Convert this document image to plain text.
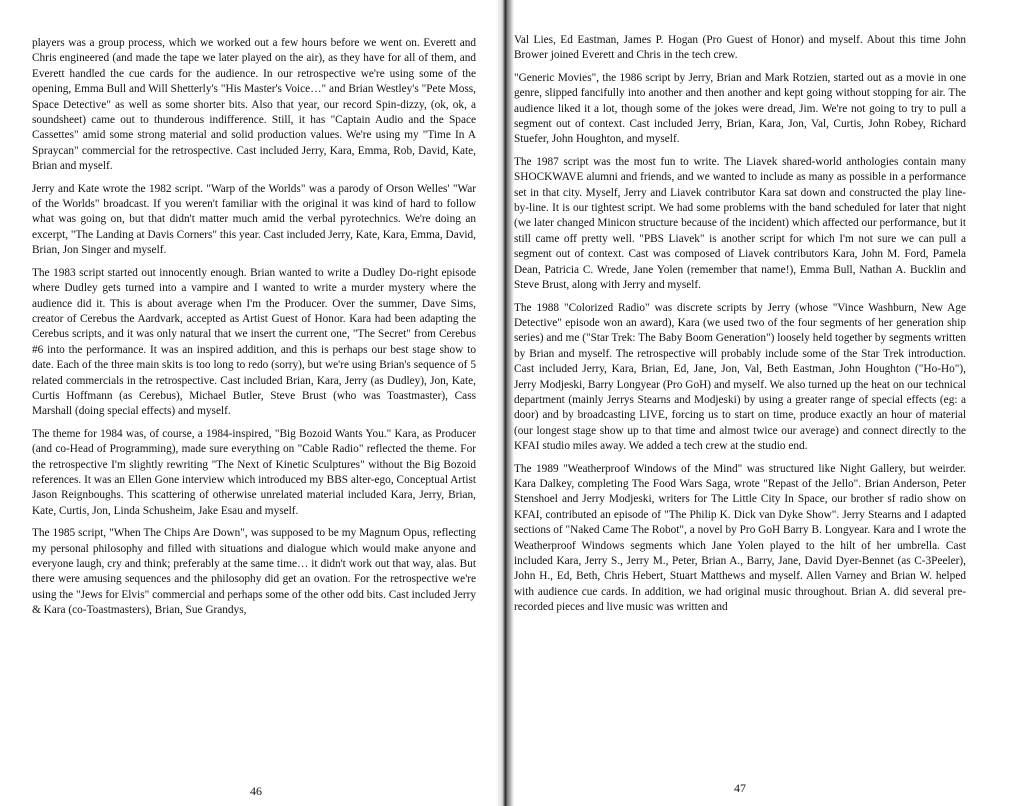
players was a group process, which we worked out a few hours before we went on. Everett and Chris engineered (and made the tape we later played on the air), as they have for all of them, and Everett handled the cue cards for the audience. In our retrospective we're using some of the opening, Emma Bull and Will Shetterly's "His Master's Voice…" and Brian Westley's "Pete Moss, Space Detective" as well as some shorter bits. Also that year, our record Spin-dizzy, (ok, ok, a soundsheet) came out to thunderous indifference. Still, it has "Captain Audio and the Space Cassettes" amid some strong material and solid production values. We're using my "Time In A Spraycan" commercial for the retrospective. Cast included Jerry, Kara, Emma, Rob, David, Kate, Brian and myself.

Jerry and Kate wrote the 1982 script. "Warp of the Worlds" was a parody of Orson Welles' "War of the Worlds" broadcast. If you weren't familiar with the original it was kind of hard to follow what was going on, but that didn't matter much amid the verbal pyrotechnics. We're doing an excerpt, "The Landing at Davis Corners" this year. Cast included Jerry, Kate, Kara, Emma, David, Brian, Jon Singer and myself.

The 1983 script started out innocently enough. Brian wanted to write a Dudley Do-right episode where Dudley gets turned into a vampire and I wanted to write a murder mystery where the audience did it. This is about average when I'm the Producer. Over the summer, Dave Sims, creator of Cerebus the Aardvark, accepted as Artist Guest of Honor. Kara had been adapting the Cerebus scripts, and it was only natural that we insert the current one, "The Secret" from Cerebus #6 into the performance. It was an inspired addition, and this is perhaps our best stage show to date. Each of the three main skits is too long to redo (sorry), but we're using Brian's sequence of 5 related commercials in the retrospective. Cast included Brian, Kara, Jerry (as Dudley), Jon, Kate, Curtis Hoffmann (as Cerebus), Michael Butler, Steve Brust (who was Toastmaster), Cass Marshall (doing special effects) and myself.

The theme for 1984 was, of course, a 1984-inspired, "Big Bozoid Wants You." Kara, as Producer (and co-Head of Programming), made sure everything on "Cable Radio" reflected the theme. For the retrospective I'm slightly rewriting "The Next of Kinetic Sculptures" without the Big Bozoid references. It was an Ellen Gone interview which introduced my BBS alter-ego, Conceptual Artist Jason Reignboughs. This scattering of otherwise unrelated material included Kara, Jerry, Brian, Kate, Curtis, Jon, Linda Schusheim, Jake Esau and myself.

The 1985 script, "When The Chips Are Down", was supposed to be my Magnum Opus, reflecting my personal philosophy and filled with situations and dialogue which would make anyone and everyone laugh, cry and think; preferably at the same time… it didn't work out that way, alas. But there were amusing sequences and the philosophy did get an ovation. For the retrospective we're using the "Jews for Elvis" commercial and perhaps some of the other odd bits. Cast included Jerry & Kara (co-Toastmasters), Brian, Sue Grandys,

46

Val Lies, Ed Eastman, James P. Hogan (Pro Guest of Honor) and myself. About this time John Brower joined Everett and Chris in the tech crew.

"Generic Movies", the 1986 script by Jerry, Brian and Mark Rotzien, started out as a movie in one genre, slipped fancifully into another and then another and kept going without stopping for air. The audience liked it a lot, though some of the jokes were dread, Jim. We're not going to try to pull a segment out of context. Cast included Jerry, Brian, Kara, Jon, Val, Curtis, John Robey, Richard Stuefer, John Houghton, and myself.

The 1987 script was the most fun to write. The Liavek shared-world anthologies contain many SHOCKWAVE alumni and friends, and we wanted to include as many as possible in a performance set in that city. Myself, Jerry and Liavek contributor Kara sat down and constructed the play line-by-line. It is our tightest script. We had some problems with the band scheduled for later that night (we later changed Minicon structure because of the incident) which affected our performance, but it still came off pretty well. "PBS Liavek" is another script for which I'm not sure we can pull a segment out of context. Cast was composed of Liavek contributors Kara, John M. Ford, Pamela Dean, Patricia C. Wrede, Jane Yolen (remember that name!), Emma Bull, Nathan A. Bucklin and Steve Brust, along with Jerry and myself.

The 1988 "Colorized Radio" was discrete scripts by Jerry (whose "Vince Washburn, New Age Detective" episode won an award), Kara (we used two of the four segments of her generation ship series) and me ("Star Trek: The Baby Boom Generation") loosely held together by segments written by Brian and myself. The retrospective will probably include some of the Star Trek introduction. Cast included Jerry, Kara, Brian, Ed, Jane, Jon, Val, Beth Eastman, John Houghton ("Ho-Ho"), Jerry Modjeski, Barry Longyear (Pro GoH) and myself. We also turned up the heat on our technical department (mainly Jerrys Stearns and Modjeski) by using a greater range of special effects (eg: a door) and by broadcasting LIVE, forcing us to start on time, produce exactly an hour of material (our longest stage show up to that time and almost twice our average) and connect directly to the KFAI studio miles away. We added a tech crew at the studio end.

The 1989 "Weatherproof Windows of the Mind" was structured like Night Gallery, but weirder. Kara Dalkey, completing The Food Wars Saga, wrote "Repast of the Jello". Brian Anderson, Peter Stenshoel and Jerry Modjeski, writers for The Little City In Space, our brother sf radio show on KFAI, contributed an episode of "The Philip K. Dick van Dyke Show". Jerry Stearns and I adapted sections of "Naked Came The Robot", a novel by Pro GoH Barry B. Longyear. Kara and I wrote the Weatherproof Windows segments which Jane Yolen played to the hilt of her umbrella. Cast included Kara, Jerry S., Jerry M., Peter, Brian A., Barry, Jane, David Dyer-Bennet (as C-3Peeler), John H., Ed, Beth, Chris Hebert, Stuart Matthews and myself. Allen Varney and Brian W. helped with audience cue cards. In addition, we had original music throughout. Brian A. did several pre-recorded pieces and live music was written and

47
